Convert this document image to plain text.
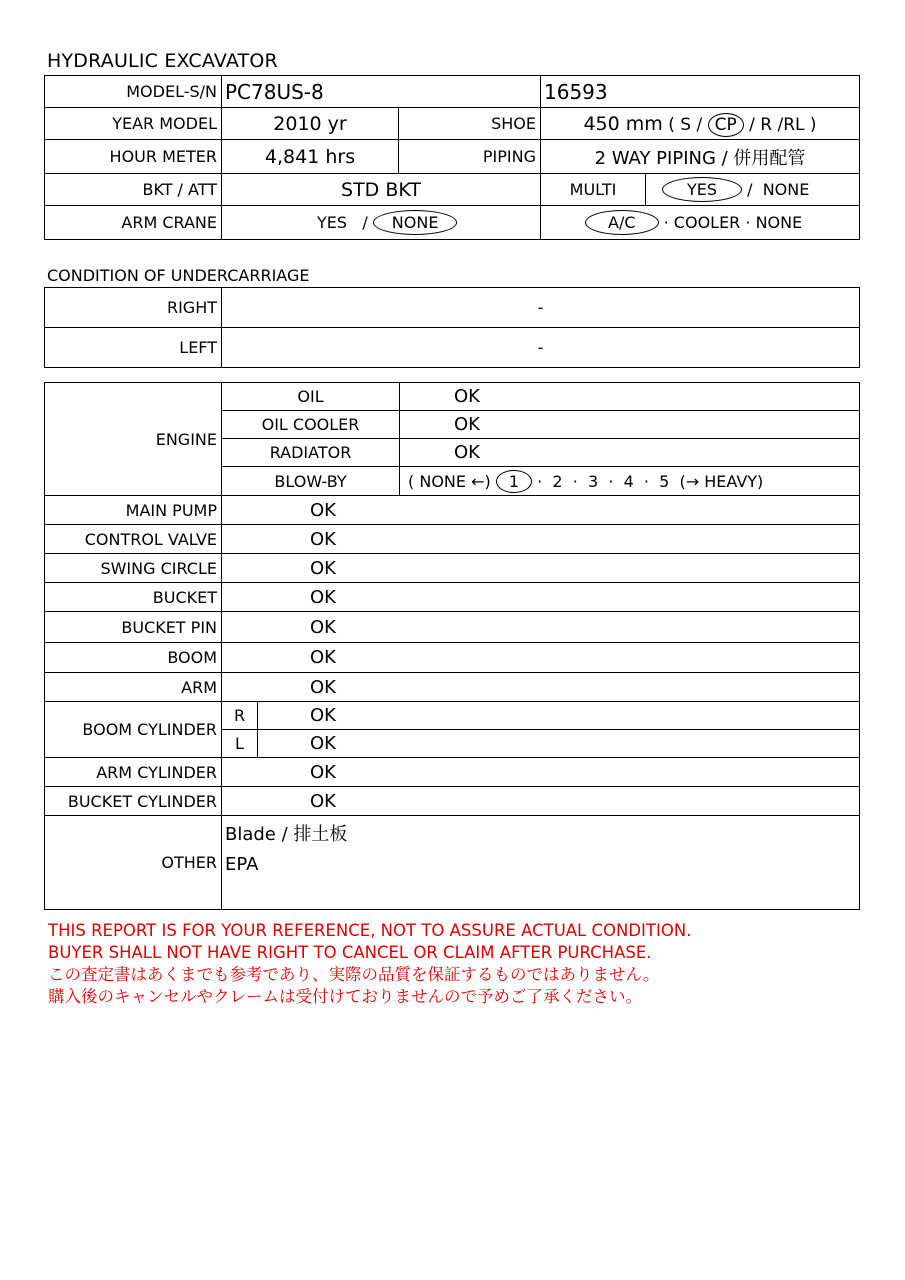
HYDRAULIC EXCAVATOR
MODEL-S/N	PC78US-8		16593	
YEAR MODEL	2010 yr	SHOE	450 mm ( S / CP / R /RL )	
HOUR METER	4,841 hrs	PIPING	2 WAY PIPING / 併用配管	
BKT / ATT	STD BKT		MULTI	YES / NONE
ARM CRANE	YES / NONE		A/C · COOLER · NONE	
CONDITION OF UNDERCARRIAGE
RIGHT	-
LEFT	-
ENGINE	OIL		OK
	OIL COOLER		OK
	RADIATOR		OK
	BLOW-BY		( NONE ←) 1 ·  2  ·  3  ·  4  ·  5  (→ HEAVY)
MAIN PUMP	OK		
CONTROL VALVE	OK		
SWING CIRCLE	OK		
BUCKET	OK		
BUCKET PIN	OK		
BOOM	OK		
ARM	OK		
BOOM CYLINDER	R	OK	
	L	OK	
ARM CYLINDER	OK		
BUCKET CYLINDER	OK		
OTHER	Blade / 排土板
EPA		
THIS REPORT IS FOR YOUR REFERENCE, NOT TO ASSURE ACTUAL CONDITION.
BUYER SHALL NOT HAVE RIGHT TO CANCEL OR CLAIM AFTER PURCHASE.
この査定書はあくまでも参考であり、実際の品質を保証するものではありません。
購入後のキャンセルやクレームは受付けておりませんので予めご了承ください。
